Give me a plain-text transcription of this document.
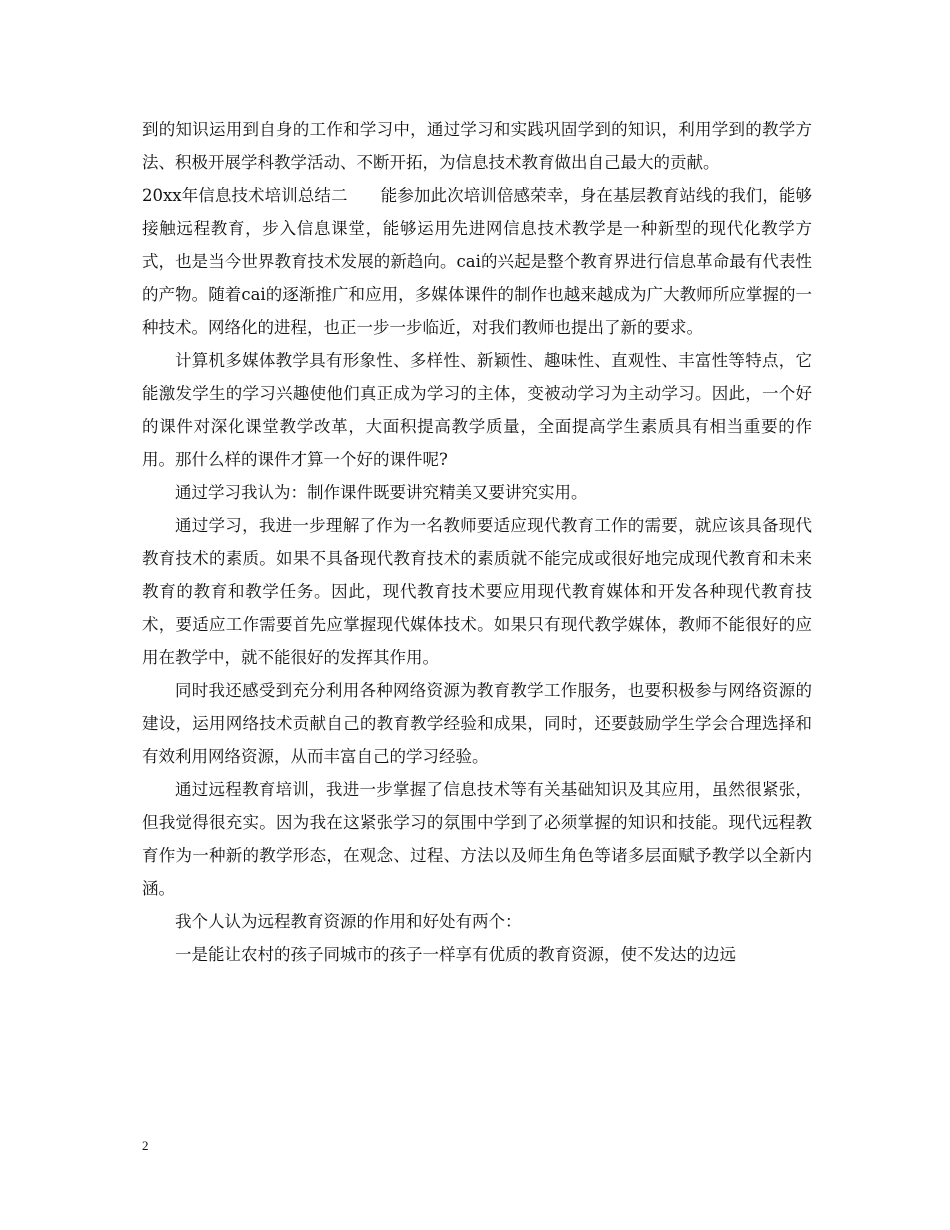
到的知识运用到自身的工作和学习中，通过学习和实践巩固学到的知识，利用学到的教学方法、积极开展学科教学活动、不断开拓，为信息技术教育做出自己最大的贡献。

20xx年信息技术培训总结二　　能参加此次培训倍感荣幸，身在基层教育站线的我们，能够接触远程教育，步入信息课堂，能够运用先进网信息技术教学是一种新型的现代化教学方式，也是当今世界教育技术发展的新趋向。cai的兴起是整个教育界进行信息革命最有代表性的产物。随着cai的逐渐推广和应用，多媒体课件的制作也越来越成为广大教师所应掌握的一种技术。网络化的进程，也正一步一步临近，对我们教师也提出了新的要求。

计算机多媒体教学具有形象性、多样性、新颖性、趣味性、直观性、丰富性等特点，它能激发学生的学习兴趣使他们真正成为学习的主体，变被动学习为主动学习。因此，一个好的课件对深化课堂教学改革，大面积提高教学质量，全面提高学生素质具有相当重要的作用。那什么样的课件才算一个好的课件呢?

通过学习我认为：制作课件既要讲究精美又要讲究实用。

通过学习，我进一步理解了作为一名教师要适应现代教育工作的需要，就应该具备现代教育技术的素质。如果不具备现代教育技术的素质就不能完成或很好地完成现代教育和未来教育的教育和教学任务。因此，现代教育技术要应用现代教育媒体和开发各种现代教育技术，要适应工作需要首先应掌握现代媒体技术。如果只有现代教学媒体，教师不能很好的应用在教学中，就不能很好的发挥其作用。

同时我还感受到充分利用各种网络资源为教育教学工作服务，也要积极参与网络资源的建设，运用网络技术贡献自己的教育教学经验和成果，同时，还要鼓励学生学会合理选择和有效利用网络资源，从而丰富自己的学习经验。

通过远程教育培训，我进一步掌握了信息技术等有关基础知识及其应用，虽然很紧张，但我觉得很充实。因为我在这紧张学习的氛围中学到了必须掌握的知识和技能。现代远程教育作为一种新的教学形态，在观念、过程、方法以及师生角色等诸多层面赋予教学以全新内涵。

我个人认为远程教育资源的作用和好处有两个：

一是能让农村的孩子同城市的孩子一样享有优质的教育资源，使不发达的边远

2
